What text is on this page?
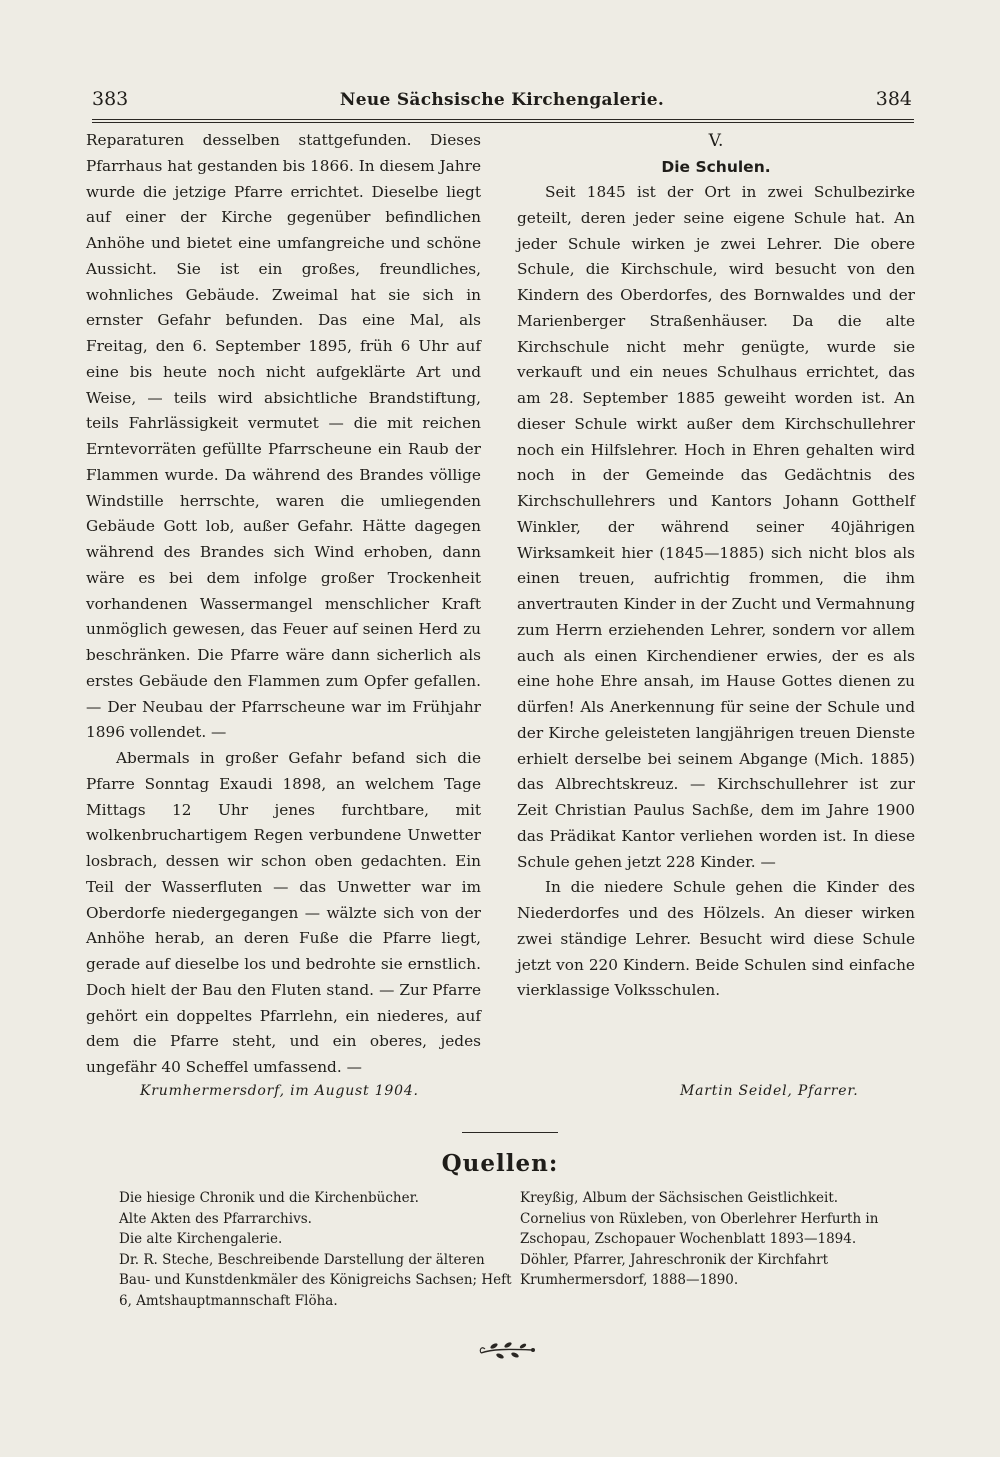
383	Neue Sächsische Kirchengalerie.	384

Reparaturen desselben stattgefunden. Dieses Pfarrhaus hat gestanden bis 1866. In diesem Jahre wurde die jetzige Pfarre errichtet. Dieselbe liegt auf einer der Kirche gegenüber befindlichen Anhöhe und bietet eine umfangreiche und schöne Aussicht. Sie ist ein großes, freundliches, wohnliches Gebäude. Zweimal hat sie sich in ernster Gefahr befunden. Das eine Mal, als Freitag, den 6. September 1895, früh 6 Uhr auf eine bis heute noch nicht aufgeklärte Art und Weise, — teils wird absichtliche Brandstiftung, teils Fahrlässigkeit vermutet — die mit reichen Erntevorräten gefüllte Pfarrscheune ein Raub der Flammen wurde. Da während des Brandes völlige Windstille herrschte, waren die umliegenden Gebäude Gott lob, außer Gefahr. Hätte dagegen während des Brandes sich Wind erhoben, dann wäre es bei dem infolge großer Trockenheit vorhandenen Wassermangel menschlicher Kraft unmöglich gewesen, das Feuer auf seinen Herd zu beschränken. Die Pfarre wäre dann sicherlich als erstes Gebäude den Flammen zum Opfer gefallen. — Der Neubau der Pfarrscheune war im Frühjahr 1896 vollendet. —

Abermals in großer Gefahr befand sich die Pfarre Sonntag Exaudi 1898, an welchem Tage Mittags 12 Uhr jenes furchtbare, mit wolkenbruchartigem Regen verbundene Unwetter losbrach, dessen wir schon oben gedachten. Ein Teil der Wasserfluten — das Unwetter war im Oberdorfe niedergegangen — wälzte sich von der Anhöhe herab, an deren Fuße die Pfarre liegt, gerade auf dieselbe los und bedrohte sie ernstlich. Doch hielt der Bau den Fluten stand. — Zur Pfarre gehört ein doppeltes Pfarrlehn, ein niederes, auf dem die Pfarre steht, und ein oberes, jedes ungefähr 40 Scheffel umfassend. —

V.

Die Schulen.

Seit 1845 ist der Ort in zwei Schulbezirke geteilt, deren jeder seine eigene Schule hat. An jeder Schule wirken je zwei Lehrer. Die obere Schule, die Kirchschule, wird besucht von den Kindern des Oberdorfes, des Bornwaldes und der Marienberger Straßenhäuser. Da die alte Kirchschule nicht mehr genügte, wurde sie verkauft und ein neues Schulhaus errichtet, das am 28. September 1885 geweiht worden ist. An dieser Schule wirkt außer dem Kirchschullehrer noch ein Hilfslehrer. Hoch in Ehren gehalten wird noch in der Gemeinde das Gedächtnis des Kirchschullehrers und Kantors Johann Gotthelf Winkler, der während seiner 40jährigen Wirksamkeit hier (1845—1885) sich nicht blos als einen treuen, aufrichtig frommen, die ihm anvertrauten Kinder in der Zucht und Vermahnung zum Herrn erziehenden Lehrer, sondern vor allem auch als einen Kirchendiener erwies, der es als eine hohe Ehre ansah, im Hause Gottes dienen zu dürfen! Als Anerkennung für seine der Schule und der Kirche geleisteten langjährigen treuen Dienste erhielt derselbe bei seinem Abgange (Mich. 1885) das Albrechtskreuz. — Kirchschullehrer ist zur Zeit Christian Paulus Sachße, dem im Jahre 1900 das Prädikat Kantor verliehen worden ist. In diese Schule gehen jetzt 228 Kinder. —

In die niedere Schule gehen die Kinder des Niederdorfes und des Hölzels. An dieser wirken zwei ständige Lehrer. Besucht wird diese Schule jetzt von 220 Kindern. Beide Schulen sind einfache vierklassige Volksschulen.

Krumhermersdorf, im August 1904.	Martin Seidel, Pfarrer.
Quellen:
Die hiesige Chronik und die Kirchenbücher.
Alte Akten des Pfarrarchivs.
Die alte Kirchengalerie.
Dr. R. Steche, Beschreibende Darstellung der älteren Bau- und Kunstdenkmäler des Königreichs Sachsen; Heft 6, Amtshauptmannschaft Flöha.
Kreyßig, Album der Sächsischen Geistlichkeit.
Cornelius von Rüxleben, von Oberlehrer Herfurth in Zschopau, Zschopauer Wochenblatt 1893—1894.
Döhler, Pfarrer, Jahreschronik der Kirchfahrt Krumhermersdorf, 1888—1890.
